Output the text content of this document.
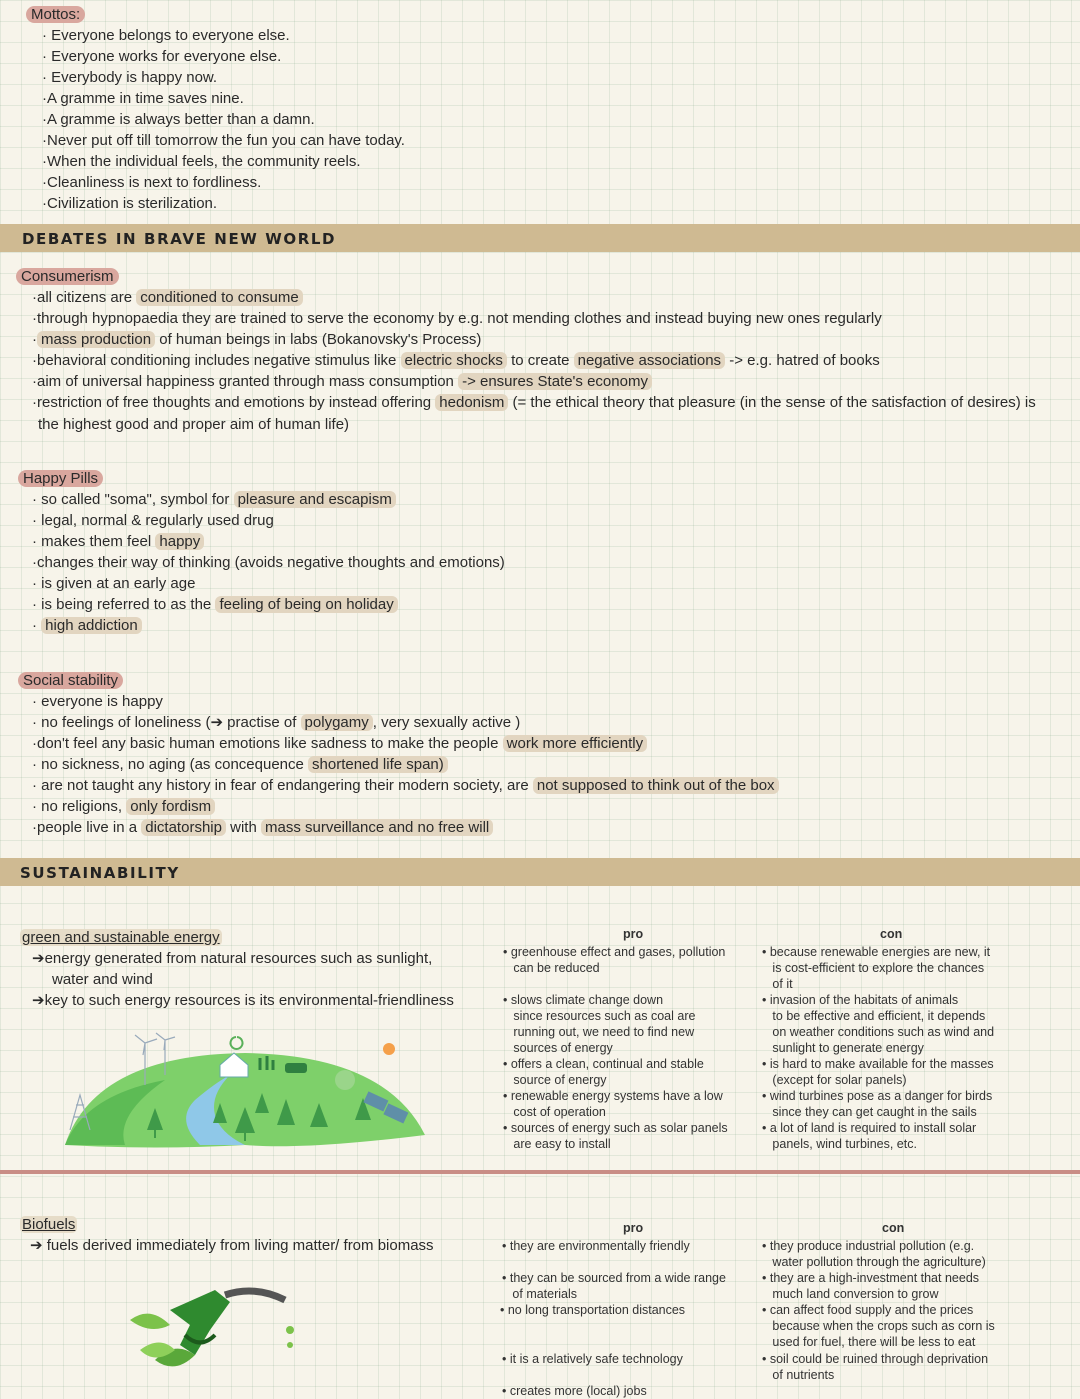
Mottos:
· Everyone belongs to everyone else.
· Everyone works for everyone else.
· Everybody is happy now.
·A gramme in time saves nine.
·A gramme is always better than a damn.
·Never put off till tomorrow the fun you can have today.
·When the individual feels, the community reels.
·Cleanliness is next to fordliness.
·Civilization is sterilization.
DEBATES IN BRAVE NEW WORLD
Consumerism
·all citizens are conditioned to consume
·through hypnopaedia they are trained to serve the economy by e.g. not mending clothes and instead buying new ones regularly
· mass production of human beings in labs (Bokanovsky's Process)
·behavioral conditioning includes negative stimulus like electric shocks to create negative associations -> e.g. hatred of books
·aim of universal happiness granted through mass consumption -> ensures State's economy
·restriction of free thoughts and emotions by instead offering hedonism (= the ethical theory that pleasure (in the sense of the satisfaction of desires) is
the highest good and proper aim of human life)
Happy Pills
· so called "soma", symbol for pleasure and escapism
· legal, normal & regularly used drug
· makes them feel happy
·changes their way of thinking (avoids negative thoughts and emotions)
· is given at an early age
· is being referred to as the feeling of being on holiday
· high addiction
Social stability
· everyone is happy
· no feelings of loneliness (➔ practise of polygamy , very sexually active )
·don't feel any basic human emotions like sadness to make the people work more efficiently
· no sickness, no aging (as concequence shortened life span)
· are not taught any history in fear of endangering their modern society, are not supposed to think out of the box
· no religions, only fordism
·people live in a dictatorship with mass surveillance and no free will
SUSTAINABILITY
green and sustainable energy
➔energy generated from natural resources such as sunlight,
water and wind
➔key to such energy resources is its environmental-friendliness
pro	con
• greenhouse effect and gases, pollution
can be reduced
• slows climate change down
since resources such as coal are
running out, we need to find new
sources of energy
• offers a clean, continual and stable
source of energy
• renewable energy systems have a low
cost of operation
• sources of energy such as solar panels
are easy to install
• because renewable energies are new, it
is cost-efficient to explore the chances
of it
• invasion of the habitats of animals
to be effective and efficient, it depends
on weather conditions such as wind and
sunlight to generate energy
• is hard to make available for the masses
(except for solar panels)
• wind turbines pose as a danger for birds
since they can get caught in the sails
• a lot of land is required to install solar
panels, wind turbines, etc.
Biofuels
➔ fuels derived immediately from living matter/ from biomass
pro	con
• they are environmentally friendly
• they can be sourced from a wide range
of materials
• no long transportation distances
• it is a relatively safe technology
• creates more (local) jobs
• they produce industrial pollution (e.g.
water pollution through the agriculture)
• they are a high-investment that needs
much land conversion to grow
• can affect food supply and the prices
because when the crops such as corn is
used for fuel, there will be less to eat
• soil could be ruined through deprivation
of nutrients
